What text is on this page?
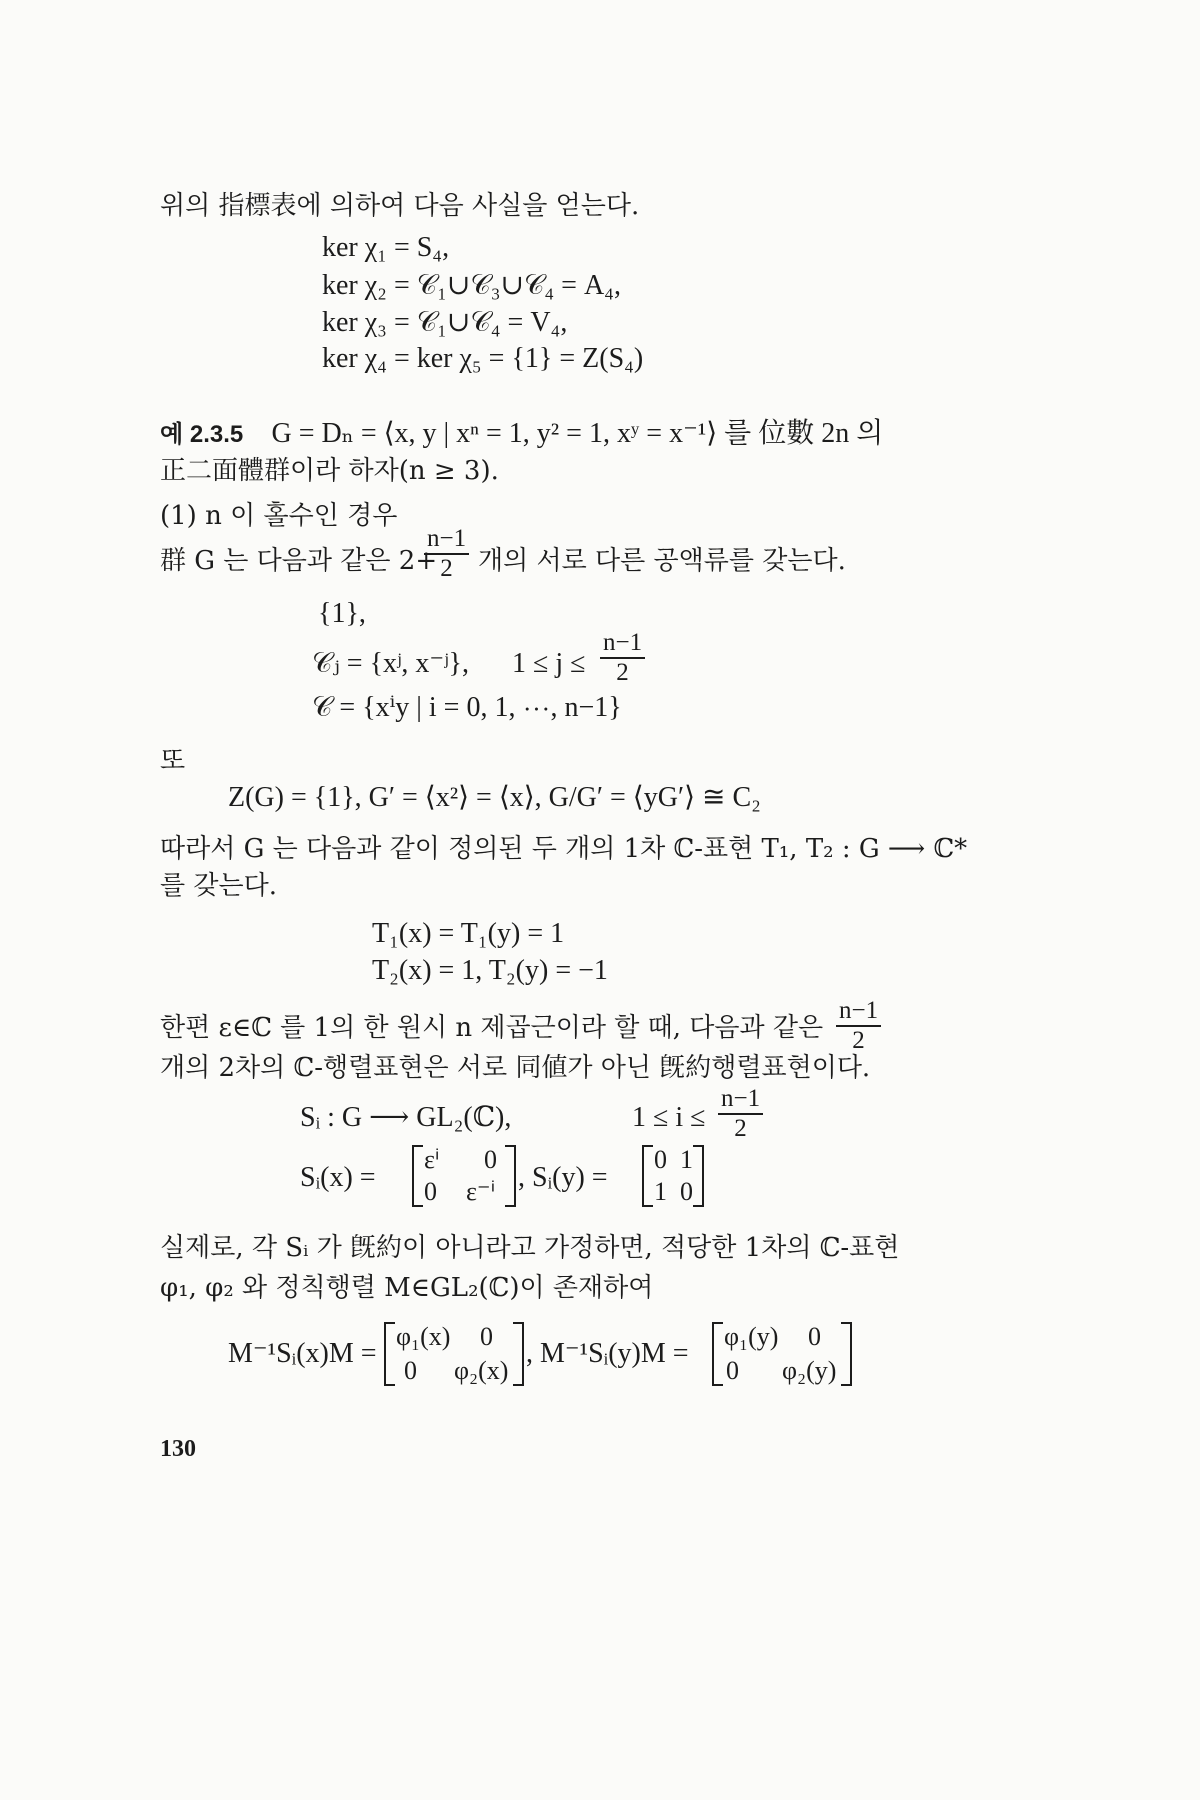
위의 指標表에 의하여 다음 사실을 얻는다.
ker χ₁ = S₄,
ker χ₂ = 𝒞₁∪𝒞₃∪𝒞₄ = A₄,
ker χ₃ = 𝒞₁∪𝒞₄ = V₄,
ker χ₄ = ker χ₅ = {1} = Z(S₄)
예 2.3.5 G = Dₙ = ⟨x, y | xⁿ = 1, y² = 1, xʸ = x⁻¹⟩ 를 位數 2n 의
正二面體群이라 하자(n ≥ 3).
(1) n 이 홀수인 경우
群 G 는 다음과 같은 2+
n−1
2 개의 서로 다른 공액류를 갖는다.
{1},
𝒞ⱼ = {xʲ, x⁻ʲ}, 1 ≤ j ≤
n−1
2
𝒞 = {xⁱy | i = 0, 1, ⋯, n−1}
또
Z(G) = {1}, G′ = ⟨x²⟩ = ⟨x⟩, G/G′ = ⟨yG′⟩ ≅ C₂
따라서 G 는 다음과 같이 정의된 두 개의 1차 ℂ-표현 T₁, T₂ : G ⟶ ℂ*
를 갖는다.
T₁(x) = T₁(y) = 1
T₂(x) = 1, T₂(y) = −1
한편 ε∈ℂ 를 1의 한 원시 n 제곱근이라 할 때, 다음과 같은
n−1
2
개의 2차의 ℂ-행렬표현은 서로 同値가 아닌 旣約행렬표현이다.
Sᵢ : G ⟶ GL₂(ℂ),	1 ≤ i ≤
n−1
2
Sᵢ(x) =
εⁱ 0
0 ε⁻ⁱ , Sᵢ(y) =
0 1
1 0
실제로, 각 Sᵢ 가 旣約이 아니라고 가정하면, 적당한 1차의 ℂ-표현
φ₁, φ₂ 와 정칙행렬 M∈GL₂(ℂ)이 존재하여
M⁻¹Sᵢ(x)M =
φ₁(x) 0
0 φ₂(x)
, M⁻¹Sᵢ(y)M =
φ₁(y) 0
0 φ₂(y)
130
